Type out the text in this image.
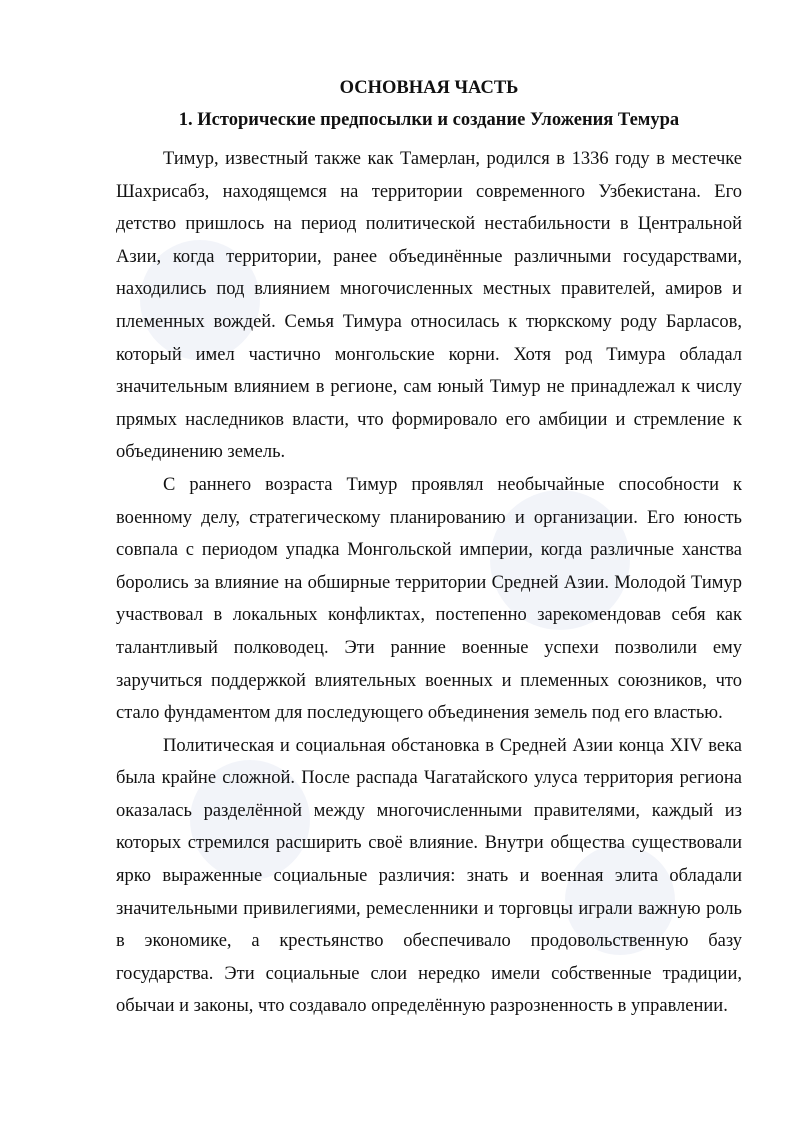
ОСНОВНАЯ ЧАСТЬ
1. Исторические предпосылки и создание Уложения Темура

Тимур, известный также как Тамерлан, родился в 1336 году в местечке
Шахрисабз, находящемся на территории современного Узбекистана. Его
детство пришлось на период политической нестабильности в Центральной
Азии, когда территории, ранее объединённые различными государствами,
находились под влиянием многочисленных местных правителей, амиров и
племенных вождей. Семья Тимура относилась к тюркскому роду Барласов,
который имел частично монгольские корни. Хотя род Тимура обладал
значительным влиянием в регионе, сам юный Тимур не принадлежал к числу
прямых наследников власти, что формировало его амбиции и стремление к
объединению земель.

С раннего возраста Тимур проявлял необычайные способности к
военному делу, стратегическому планированию и организации. Его юность
совпала с периодом упадка Монгольской империи, когда различные ханства
боролись за влияние на обширные территории Средней Азии. Молодой Тимур
участвовал в локальных конфликтах, постепенно зарекомендовав себя как
талантливый полководец. Эти ранние военные успехи позволили ему
заручиться поддержкой влиятельных военных и племенных союзников, что
стало фундаментом для последующего объединения земель под его властью.

Политическая и социальная обстановка в Средней Азии конца XIV века
была крайне сложной. После распада Чагатайского улуса территория региона
оказалась разделённой между многочисленными правителями, каждый из
которых стремился расширить своё влияние. Внутри общества существовали
ярко выраженные социальные различия: знать и военная элита обладали
значительными привилегиями, ремесленники и торговцы играли важную роль
в экономике, а крестьянство обеспечивало продовольственную базу
государства. Эти социальные слои нередко имели собственные традиции,
обычаи и законы, что создавало определённую разрозненность в управлении.
